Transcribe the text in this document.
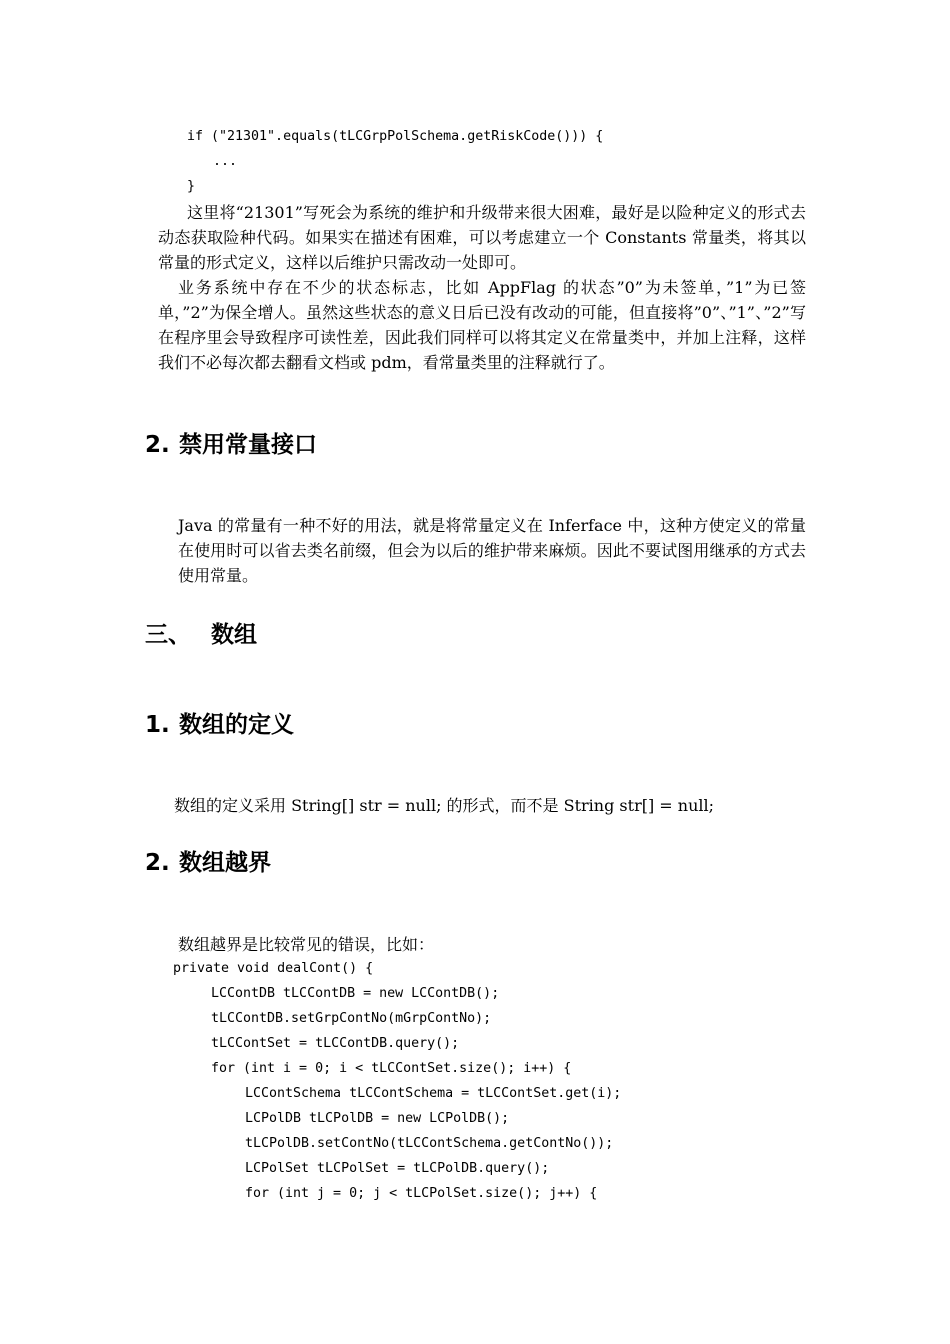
if ("21301".equals(tLCGrpPolSchema.getRiskCode())) {
...
}
这里将“21301”写死会为系统的维护和升级带来很大困难，最好是以险种定义的形式去动态获取险种代码。如果实在描述有困难，可以考虑建立一个 Constants 常量类，将其以常量的形式定义，这样以后维护只需改动一处即可。
业务系统中存在不少的状态标志，比如 AppFlag 的状态”0”为未签单，”1”为已签单，”2”为保全增人。虽然这些状态的意义日后已没有改动的可能，但直接将”0”、”1”、”2”写在程序里会导致程序可读性差，因此我们同样可以将其定义在常量类中，并加上注释，这样我们不必每次都去翻看文档或 pdm，看常量类里的注释就行了。
2. 禁用常量接口
Java 的常量有一种不好的用法，就是将常量定义在 Inferface 中，这种方使定义的常量在使用时可以省去类名前缀，但会为以后的维护带来麻烦。因此不要试图用继承的方式去使用常量。
三、 数组
1. 数组的定义
数组的定义采用 String[] str = null; 的形式，而不是 String str[] = null;
2. 数组越界
数组越界是比较常见的错误，比如：
private void dealCont() {
LCContDB tLCContDB = new LCContDB();
tLCContDB.setGrpContNo(mGrpContNo);
tLCContSet = tLCContDB.query();
for (int i = 0; i < tLCContSet.size(); i++) {
LCContSchema tLCContSchema = tLCContSet.get(i);
LCPolDB tLCPolDB = new LCPolDB();
tLCPolDB.setContNo(tLCContSchema.getContNo());
LCPolSet tLCPolSet = tLCPolDB.query();
for (int j = 0; j < tLCPolSet.size(); j++) {
